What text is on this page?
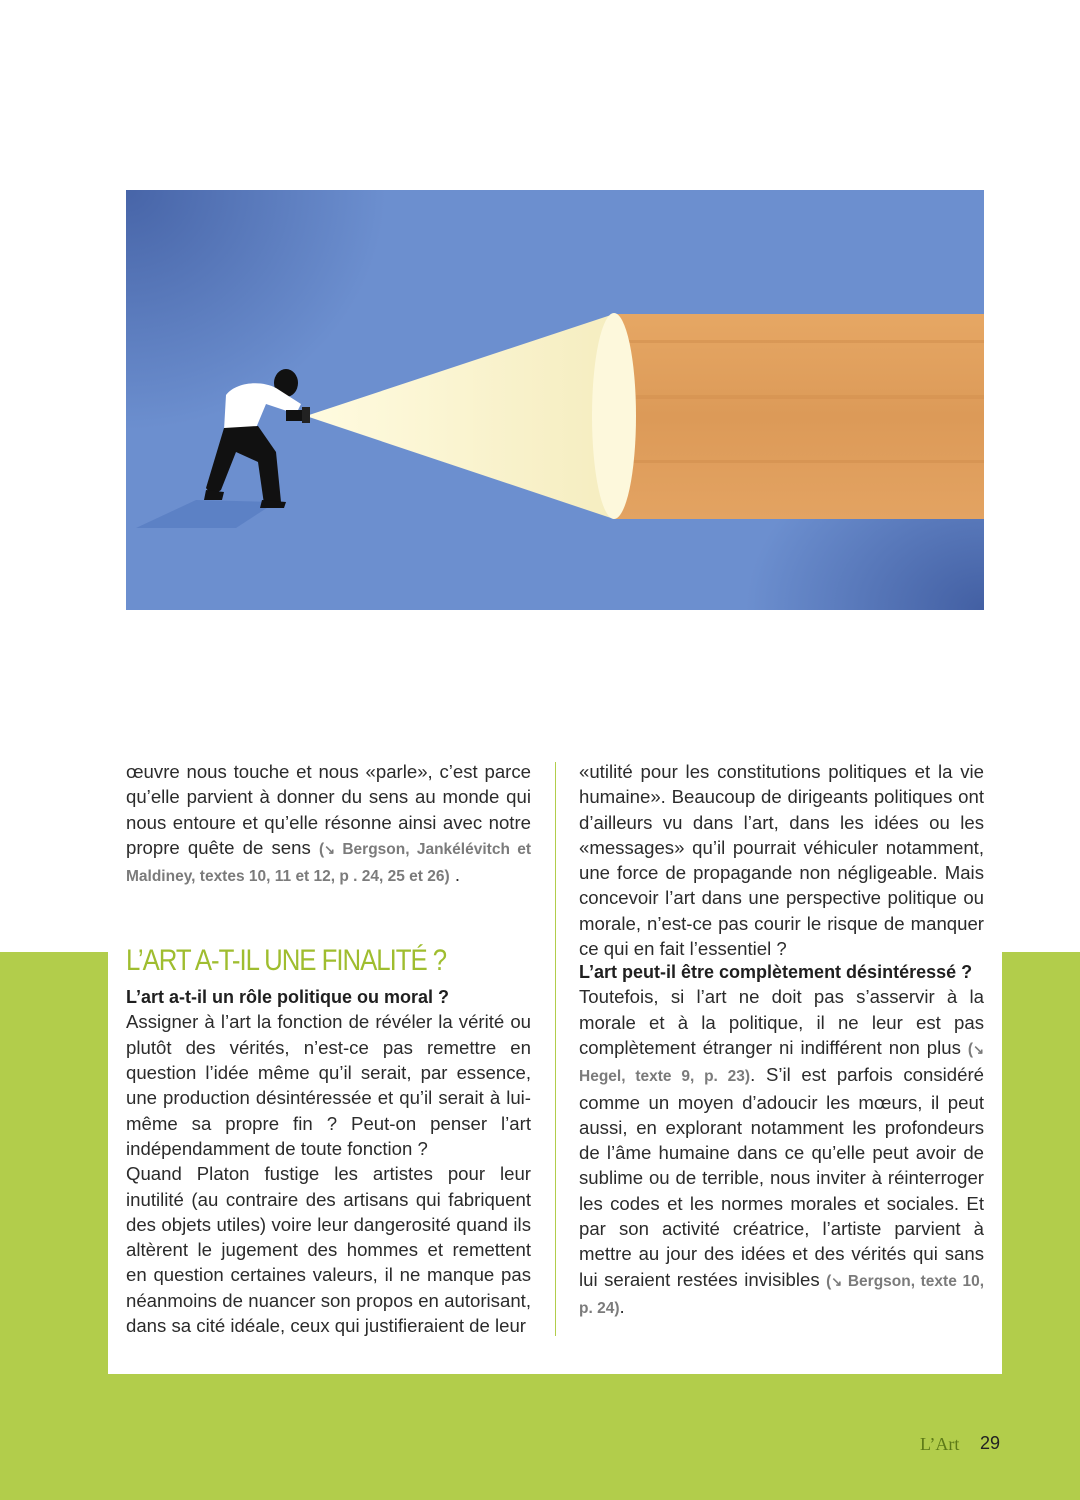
œuvre nous touche et nous «parle», c’est parce qu’elle parvient à donner du sens au monde qui nous entoure et qu’elle résonne ainsi avec notre propre quête de sens (↘ Bergson, Jankélévitch et Maldiney, textes 10, 11 et 12, p . 24, 25 et 26) .

L’ART A-T-IL UNE FINALITÉ ?

L’art a-t-il un rôle politique ou moral ?

Assigner à l’art la fonction de révéler la vérité ou plutôt des vérités, n’est-ce pas remettre en question l’idée même qu’il serait, par essence, une production désintéressée et qu’il serait à lui-même sa propre fin ? Peut-on penser l’art indépendamment de toute fonction ?

Quand Platon fustige les artistes pour leur inutilité (au contraire des artisans qui fabriquent des objets utiles) voire leur dangerosité quand ils altèrent le jugement des hommes et remettent en question certaines valeurs, il ne manque pas néanmoins de nuancer son propos en autorisant, dans sa cité idéale, ceux qui justifieraient de leur

«utilité pour les constitutions politiques et la vie humaine». Beaucoup de dirigeants politiques ont d’ailleurs vu dans l’art, dans les idées ou les «messages» qu’il pourrait véhiculer notamment, une force de propagande non négligeable. Mais concevoir l’art dans une perspective politique ou morale, n’est-ce pas courir le risque de manquer ce qui en fait l’essentiel ?

L’art peut-il être complètement désintéressé ?

Toutefois, si l’art ne doit pas s’asservir à la morale et à la politique, il ne leur est pas complètement étranger ni indifférent non plus (↘ Hegel, texte 9, p. 23). S’il est parfois considéré comme un moyen d’adoucir les mœurs, il peut aussi, en explorant notamment les profondeurs de l’âme humaine dans ce qu’elle peut avoir de sublime ou de terrible, nous inviter à réinterroger les codes et les normes morales et sociales. Et par son activité créatrice, l’artiste parvient à mettre au jour des idées et des vérités qui sans lui seraient restées invisibles (↘ Bergson, texte 10, p. 24).

L’Art 29
